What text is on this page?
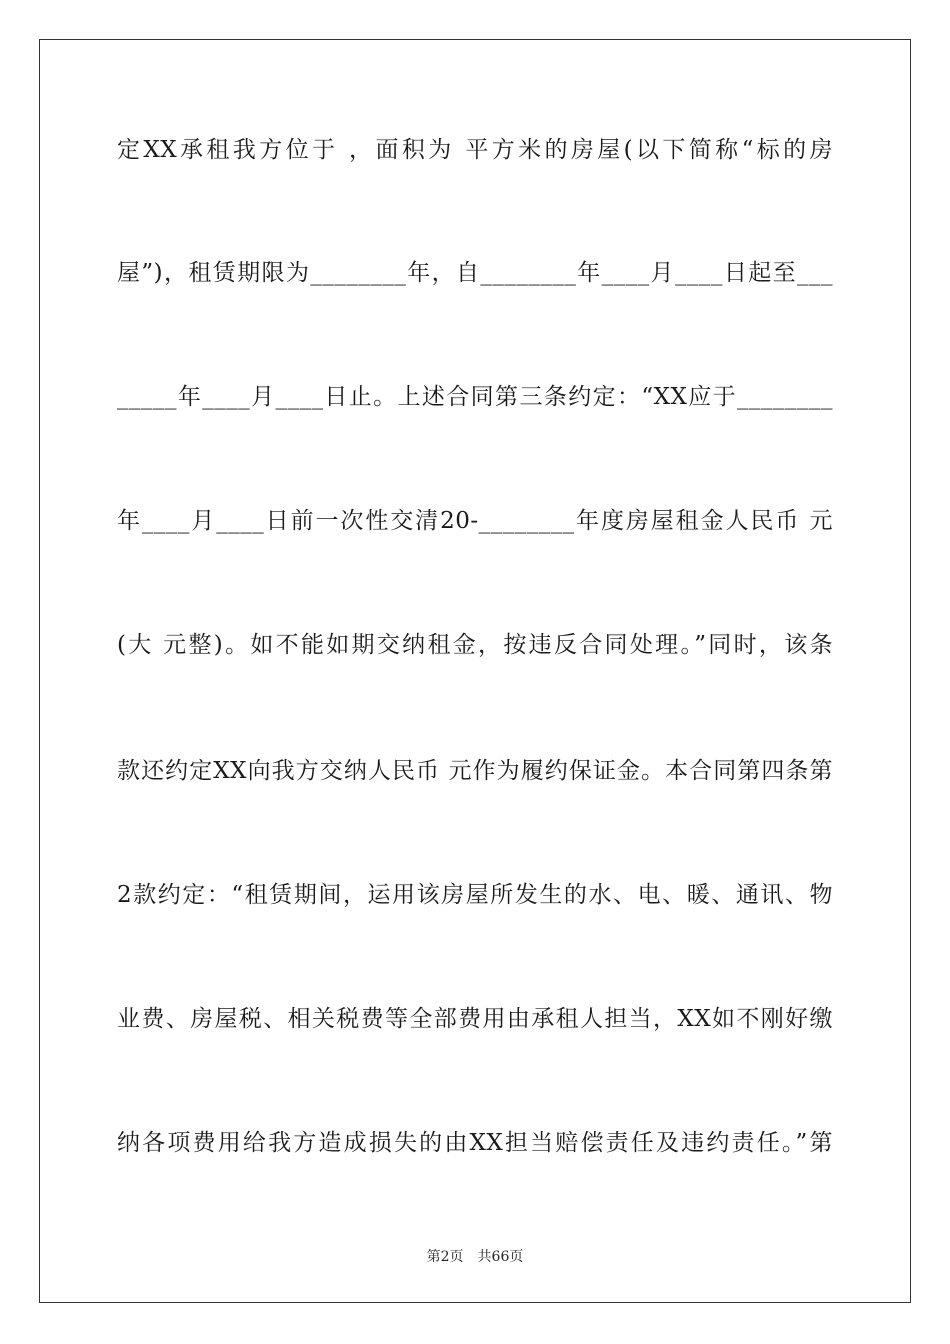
定XX承租我方位于 ，面积为 平方米的房屋(以下简称“标的房
屋”)，租赁期限为________年，自________年____月____日起至___
_____年____月____日止。上述合同第三条约定：“XX应于________
年____月____日前一次性交清20-________年度房屋租金人民币 元
(大 元整)。如不能如期交纳租金，按违反合同处理。”同时，该条
款还约定XX向我方交纳人民币 元作为履约保证金。本合同第四条第
2款约定：“租赁期间，运用该房屋所发生的水、电、暖、通讯、物
业费、房屋税、相关税费等全部费用由承租人担当，XX如不刚好缴
纳各项费用给我方造成损失的由XX担当赔偿责任及违约责任。”第
第2页 共66页
